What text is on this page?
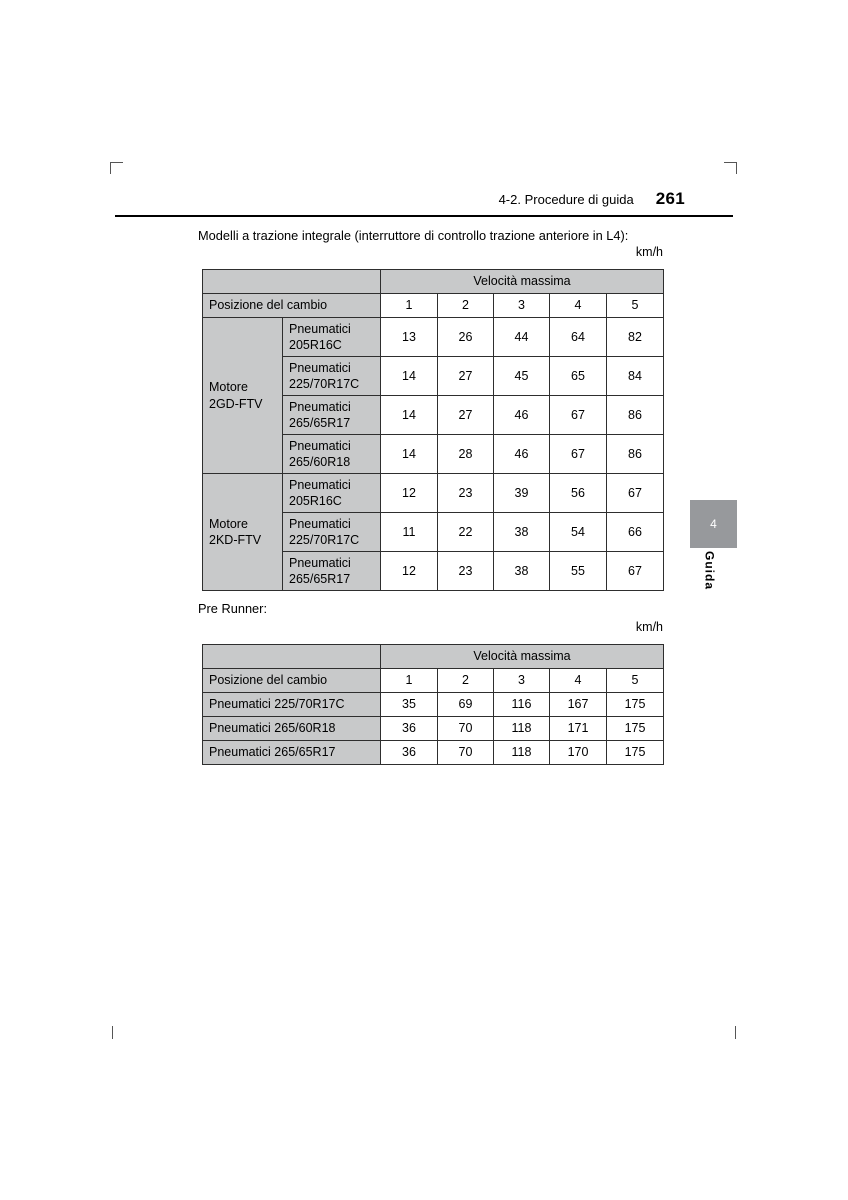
4-2. Procedure di guida 261
Modelli a trazione integrale (interruttore di controllo trazione anteriore in L4):
km/h
		Velocità massima				
Posizione del cambio		1	2	3	4	5
Motore 2GD-FTV	Pneumatici 205R16C	13	26	44	64	82
	Pneumatici 225/70R17C	14	27	45	65	84
	Pneumatici 265/65R17	14	27	46	67	86
	Pneumatici 265/60R18	14	28	46	67	86
Motore 2KD-FTV	Pneumatici 205R16C	12	23	39	56	67
	Pneumatici 225/70R17C	11	22	38	54	66
	Pneumatici 265/65R17	12	23	38	55	67
Pre Runner:
km/h
	Velocità massima				
Posizione del cambio	1	2	3	4	5
Pneumatici 225/70R17C	35	69	116	167	175
Pneumatici 265/60R18	36	70	118	171	175
Pneumatici 265/65R17	36	70	118	170	175
4
Guida
